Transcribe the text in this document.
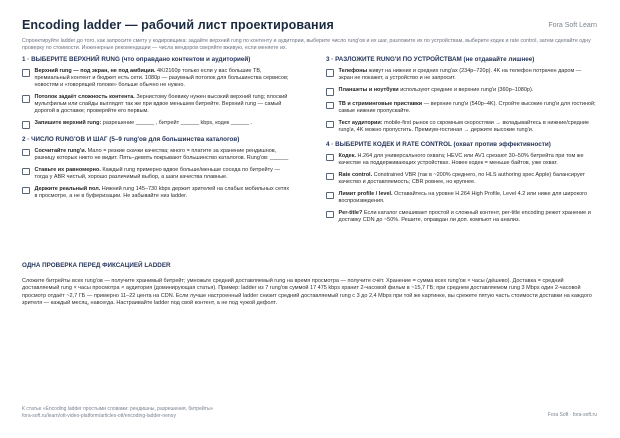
Encoding ladder — рабочий лист проектирования	Fora Soft Learn
Спроектируйте ladder до того, как запросите смету у кодировщика: задайте верхний rung по контенту и аудитории, выберите число rung'ов и их шаг, разложите их по устройствам, выберите кодек и rate control, затем сделайте одну проверку по стоимости. Инженерные рекомендации — числа вендоров сверяйте вживую, если меняете их.
1 · ВЫБЕРИТЕ ВЕРХНИЙ RUNG (что оправдано контентом и аудиторией)
Верхний rung — под экран, не под амбиции. 4K/2160p только если у вас большие ТВ, премиальный контент и бюджет есть сети. 1080p — разумный потолок для большинства сервисов; новостям и «говорящей голове» больше обычно не нужно.
Потолок задаёт сложность контента. Зернистому боевику нужен высокий верхний rung; плоский мультфильм или слайды выглядят так же при вдвое меньшем битрейте. Верхний rung — самый дорогой в доставке; проверяйте его первым.
Запишите верхний rung: разрешение ______ , битрейт ______ kbps, кодек ______ .
2 · ЧИСЛО RUNG'ОВ И ШАГ (5–9 rung'ов для большинства каталогов)
Сосчитайте rung'и. Мало = резкие скачки качества; много = платите за хранение рендишнов, разницу которых никто не видит. Пять–девять покрывают большинство каталогов. Rung'ов: ______
Ставьте их равномерно. Каждый rung примерно вдвое больше/меньше соседа по битрейту — тогда у ABR чистый, хорошо различимый выбор, а шаги качества плавные.
Держите реальный пол. Нижний rung 145–730 kbps держит зрителей на слабых мобильных сетях в просмотре, а не в буферизации. Не забывайте низ ladder.
3 · РАЗЛОЖИТЕ RUNG'И ПО УСТРОЙСТВАМ (не отдавайте лишнее)
Телефоны живут на нижних и средних rung'ах (234p–720p). 4K на телефон потрачен даром — экран не покажет, а устройство и не запросит.
Планшеты и ноутбуки используют средние и верхние rung'и (360p–1080p).
ТВ и стриминговые приставки — верхние rung'и (540p–4K). Стройте высокие rung'и для гостиной; самые нижние пропускайте.
Тест аудитории: mobile-first рынок со скромным скоростями → вкладывайтесь в нижние/средние rung'и, 4K можно пропустить. Премиум-гостиная → держите высокие rung'и.
4 · ВЫБЕРИТЕ КОДЕК И RATE CONTROL (охват против эффективности)
Кодек. H.264 для универсального охвата; HEVC или AV1 срезают 30–50% битрейта при том же качестве на поддерживающих устройствах. Новее кодек = меньше байтов, уже охват.
Rate control. Constrained VBR (так в ~200% среднего, по HLS authoring spec Apple) балансирует качество и доставляемость; CBR ровнее, но крупнее.
Лимит profile / level. Оставайтесь на уровне H.264 High Profile, Level 4.2 или ниже для широкого воспроизведения.
Per-title? Если каталог смешивает простой и сложный контент, per-title encoding режет хранение и доставку CDN до ~50%. Решите, оправдан ли доп. компьют на анализ.
ОДНА ПРОВЕРКА ПЕРЕД ФИКСАЦИЕЙ LADDER
Сложите битрейты всех rung'ов — получите хранимый битрейт; умножьте средний доставляемый rung на время просмотра — получите счёт. Хранение = сумма всех rung'ов × часы (дёшево). Доставка = средний доставляемый rung × часы просмотра × аудитория (доминирующая статья). Пример: ladder из 7 rung'ов суммой 17 475 kbps хранит 2-часовой фильм в ~15,7 ГБ; при среднем доставляемом rung 3 Mbps один 2-часовой просмотр отдаёт ~2,7 ГБ — примерно 11–22 цента на CDN. Если лучше настроенный ladder снизит средний доставляемый rung с 3 до 2,4 Mbps при той же картинке, вы срежете пятую часть стоимости доставки на каждого зрителя — каждый месяц, навсегда. Настраивайте ladder под свой контент, а не под чужой дефолт.
К статье «Encoding ladder простыми словами: рендишны, разрешения, битрейты»
fora-soft.ru/learn/ott-video-platform/articles-ott/encoding-ladder-nenoy	Fora Soft · fora-soft.ru
